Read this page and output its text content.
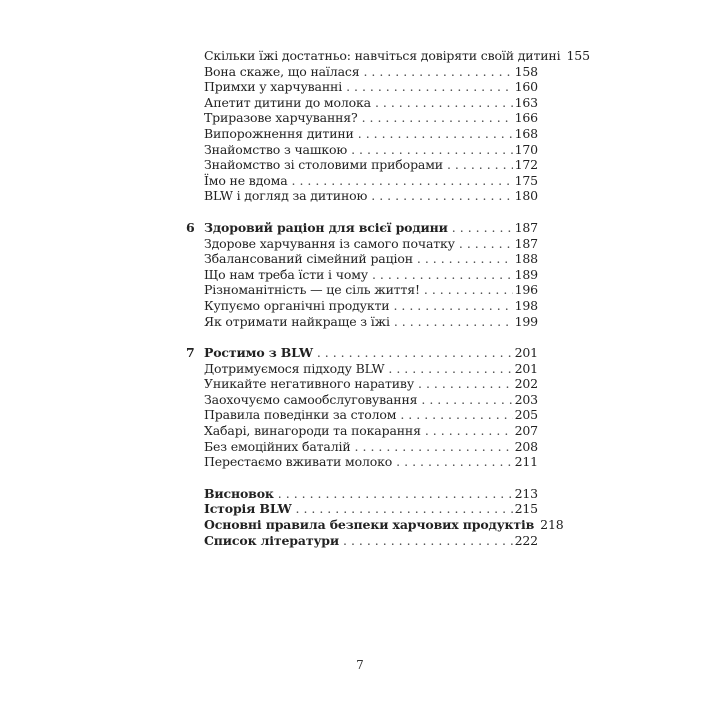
Скільки їжі достатньо: навчіться довіряти своїй дитині 155
Вона скаже, що наїлася . . .	158
Примхи у харчуванні . . .	160
Апетит дитини до молока . . .	163
Триразове харчування? . . .	166
Випорожнення дитини . . .	168
Знайомство з чашкою . . .	170
Знайомство зі столовими приборами . . .	172
Їмо не вдома . . .	175
BLW і догляд за дитиною . . .	180
6 Здоровий раціон для всієї родини . . .	187
Здорове харчування із самого початку . . .	187
Збалансований сімейний раціон . . .	188
Що нам треба їсти і чому . . .	189
Різноманітність — це сіль життя! . . .	196
Купуємо органічні продукти . . .	198
Як отримати найкраще з їжі . . .	199
7 Ростимо з BLW . . .	201
Дотримуємося підходу BLW . . .	201
Уникайте негативного наративу . . .	202
Заохочуємо самообслуговування . . .	203
Правила поведінки за столом . . .	205
Хабарі, винагороди та покарання . . .	207
Без емоційних баталій . . .	208
Перестаємо вживати молоко . . .	211
Висновок . . .	213
Історія BLW . . .	215
Основні правила безпеки харчових продуктів 218
Список літератури . . .	222
7
